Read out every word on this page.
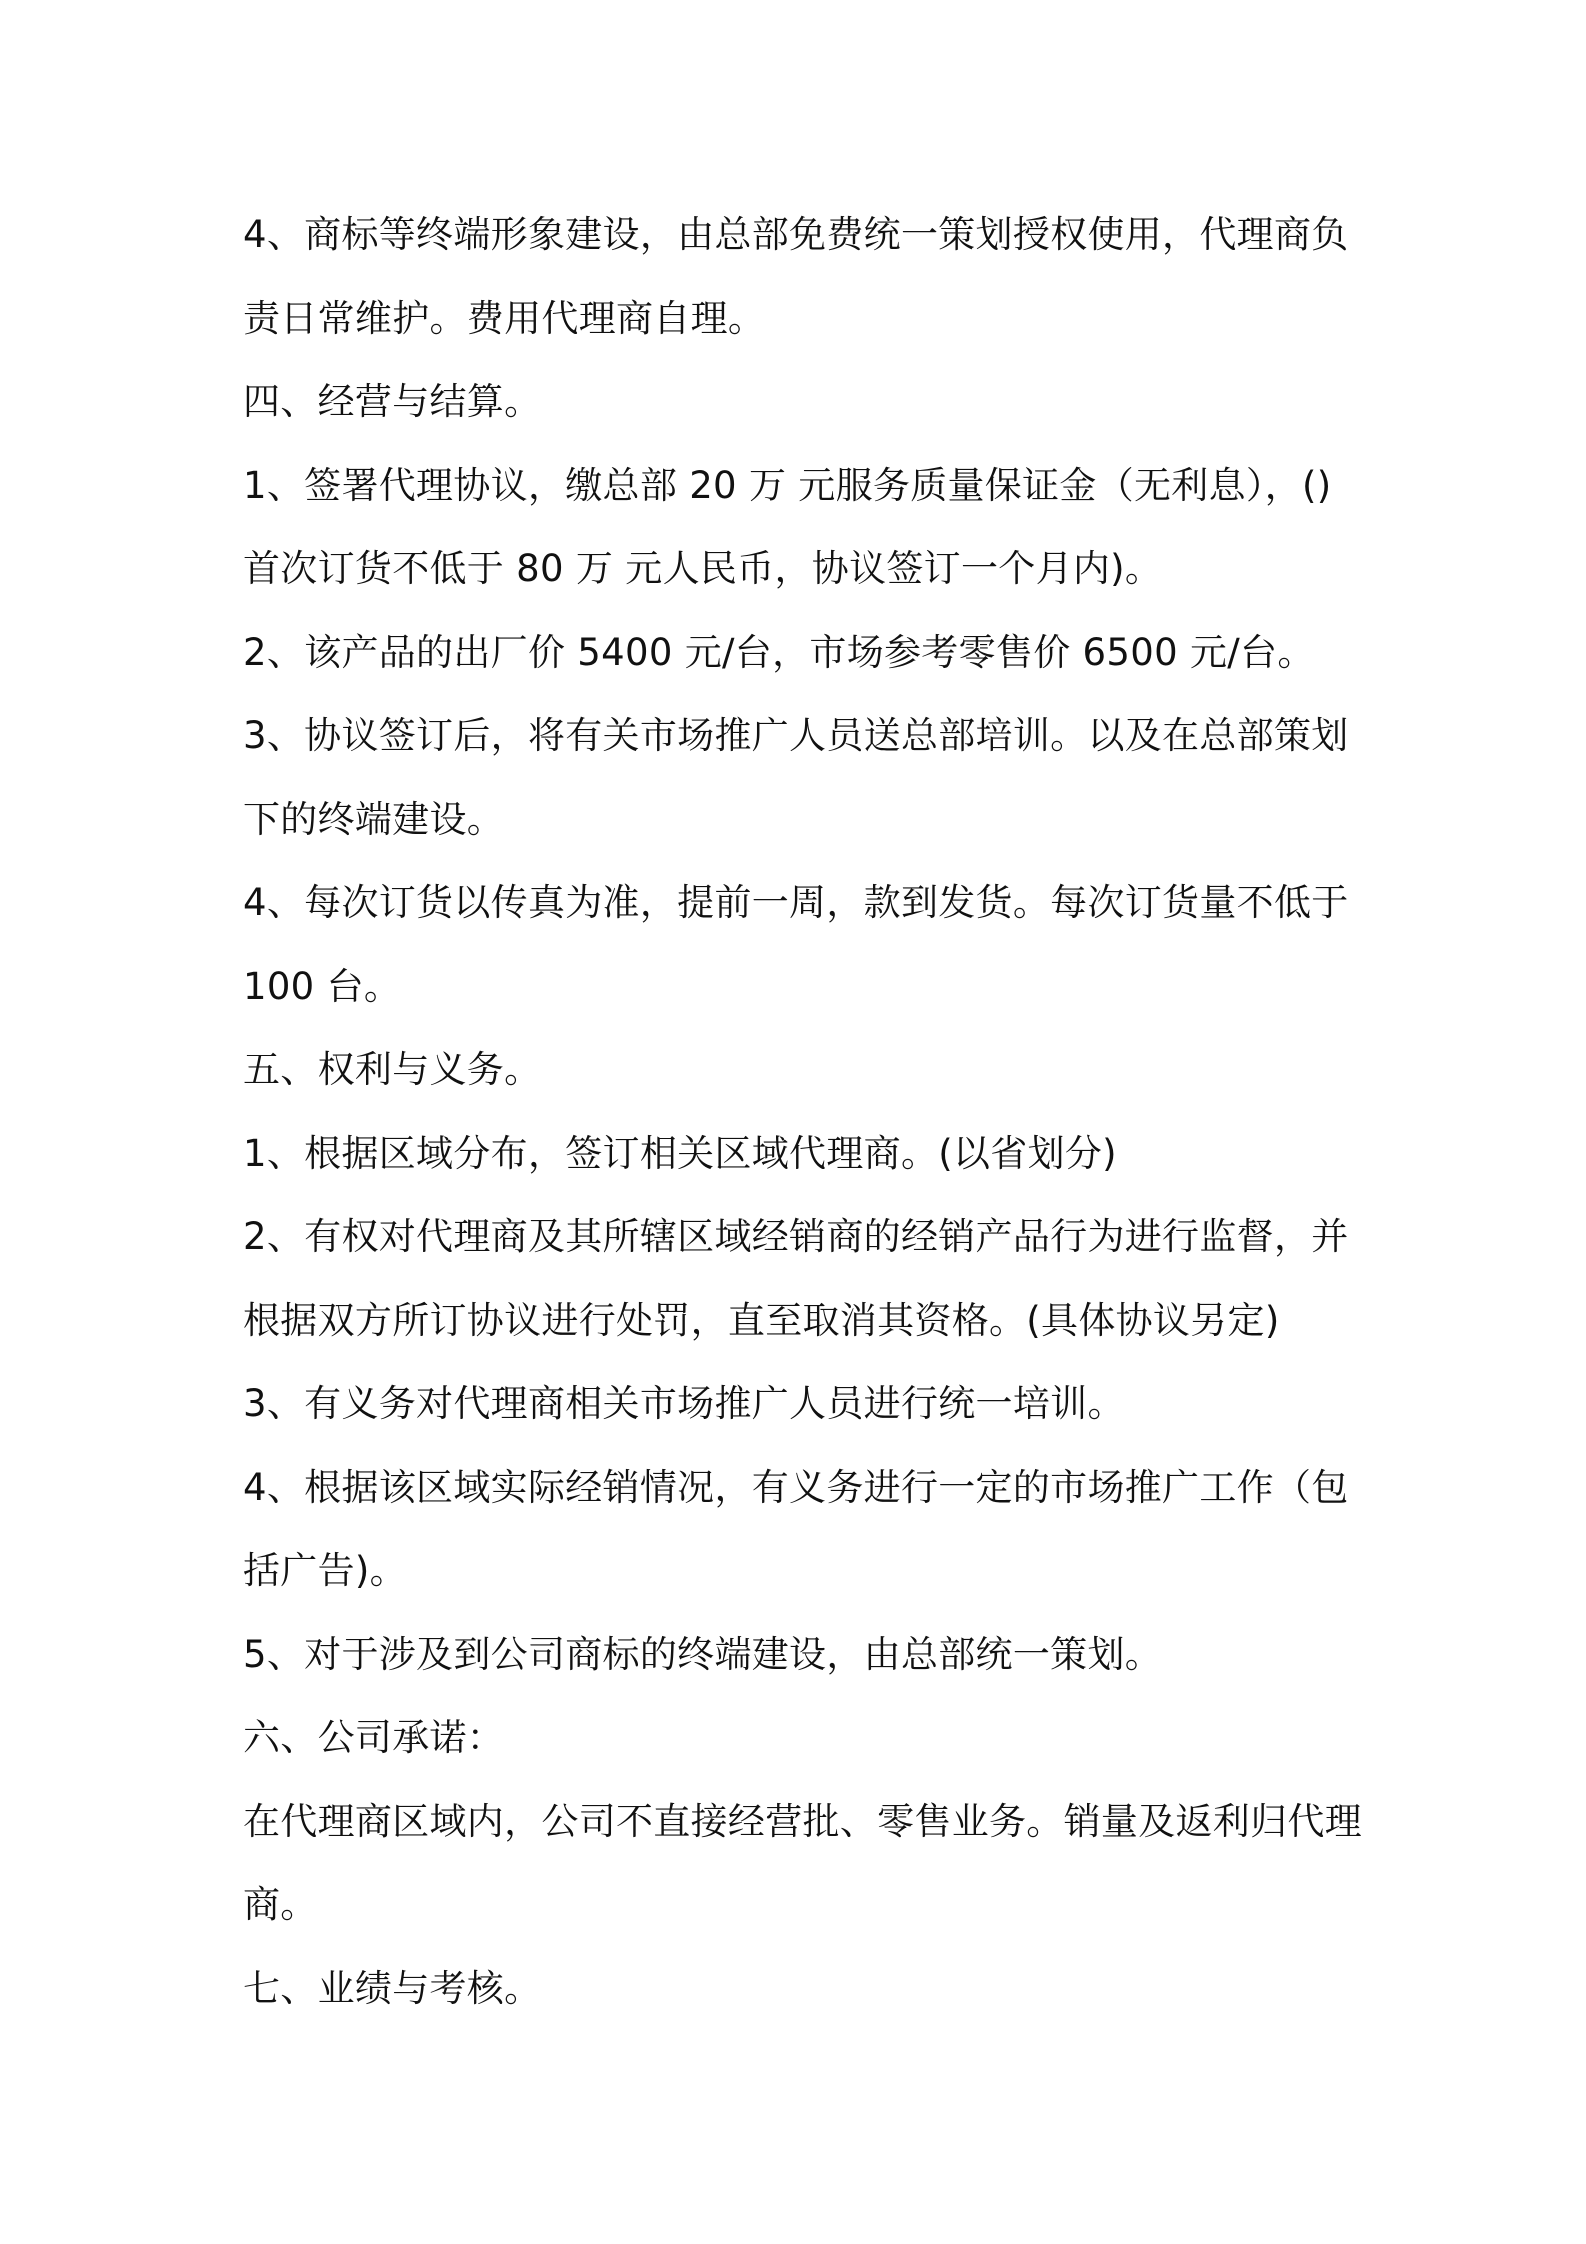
4、商标等终端形象建设，由总部免费统一策划授权使用，代理商负
责日常维护。费用代理商自理。
四、经营与结算。
1、签署代理协议，缴总部 20 万 元服务质量保证金（无利息），()
首次订货不低于 80 万 元人民币，协议签订一个月内)。
2、该产品的出厂价 5400 元/台，市场参考零售价 6500 元/台。
3、协议签订后，将有关市场推广人员送总部培训。以及在总部策划
下的终端建设。
4、每次订货以传真为准，提前一周，款到发货。每次订货量不低于
100 台。
五、权利与义务。
1、根据区域分布，签订相关区域代理商。(以省划分)
2、有权对代理商及其所辖区域经销商的经销产品行为进行监督，并
根据双方所订协议进行处罚，直至取消其资格。(具体协议另定)
3、有义务对代理商相关市场推广人员进行统一培训。
4、根据该区域实际经销情况，有义务进行一定的市场推广工作（包
括广告)。
5、对于涉及到公司商标的终端建设，由总部统一策划。
六、公司承诺：
在代理商区域内，公司不直接经营批、零售业务。销量及返利归代理
商。
七、业绩与考核。
